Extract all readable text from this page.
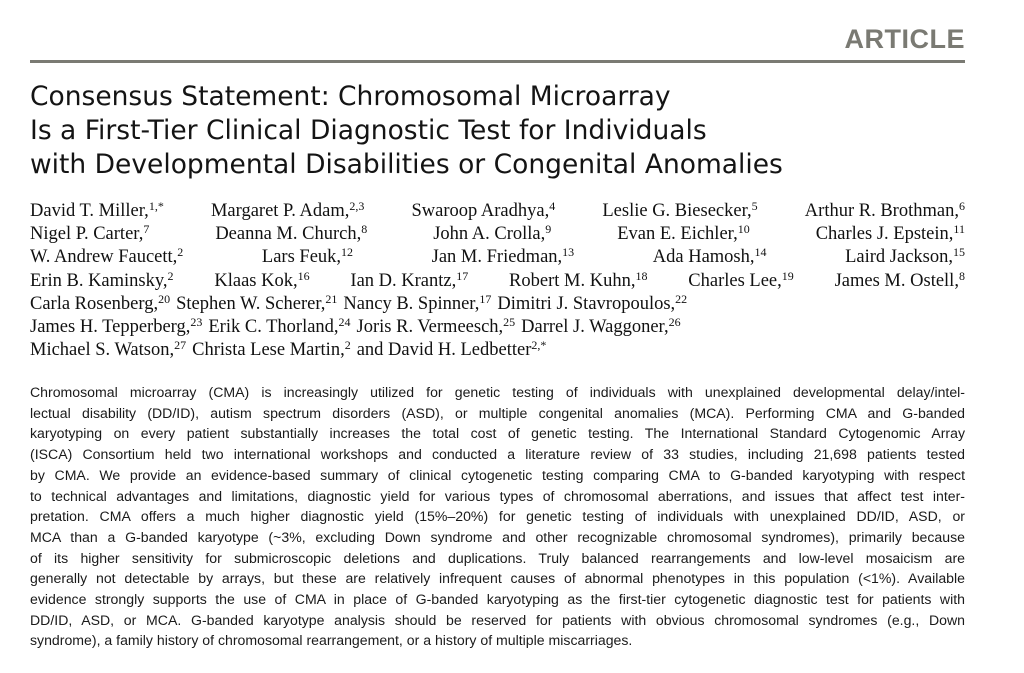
ARTICLE
Consensus Statement: Chromosomal Microarray
Is a First-Tier Clinical Diagnostic Test for Individuals
with Developmental Disabilities or Congenital Anomalies
David T. Miller,$^{1,*}$	Margaret P. Adam,$^{2,3}$	Swaroop Aradhya,$^4$	Leslie G. Biesecker,$^5$	Arthur R. Brothman,$^6$
Nigel P. Carter,$^7$	Deanna M. Church,$^8$	John A. Crolla,$^9$	Evan E. Eichler,$^{10}$	Charles J. Epstein,$^{11}$
W. Andrew Faucett,$^2$	Lars Feuk,$^{12}$	Jan M. Friedman,$^{13}$	Ada Hamosh,$^{14}$	Laird Jackson,$^{15}$
Erin B. Kaminsky,$^2$ Klaas Kok,$^{16}$ Ian D. Krantz,$^{17}$ Robert M. Kuhn,$^{18}$ Charles Lee,$^{19}$ James M. Ostell,$^8$
Carla Rosenberg,$^{20}$ Stephen W. Scherer,$^{21}$ Nancy B. Spinner,$^{17}$ Dimitri J. Stavropoulos,$^{22}$
James H. Tepperberg,$^{23}$ Erik C. Thorland,$^{24}$ Joris R. Vermeesch,$^{25}$ Darrel J. Waggoner,$^{26}$
Michael S. Watson,$^{27}$ Christa Lese Martin,$^2$ and David H. Ledbetter$^{2,*}$
Chromosomal microarray (CMA) is increasingly utilized for genetic testing of individuals with unexplained developmental delay/intel-
lectual disability (DD/ID), autism spectrum disorders (ASD), or multiple congenital anomalies (MCA). Performing CMA and G-banded
karyotyping on every patient substantially increases the total cost of genetic testing. The International Standard Cytogenomic Array
(ISCA) Consortium held two international workshops and conducted a literature review of 33 studies, including 21,698 patients tested
by CMA. We provide an evidence-based summary of clinical cytogenetic testing comparing CMA to G-banded karyotyping with respect
to technical advantages and limitations, diagnostic yield for various types of chromosomal aberrations, and issues that affect test inter-
pretation. CMA offers a much higher diagnostic yield (15%–20%) for genetic testing of individuals with unexplained DD/ID, ASD, or
MCA than a G-banded karyotype (~3%, excluding Down syndrome and other recognizable chromosomal syndromes), primarily because
of its higher sensitivity for submicroscopic deletions and duplications. Truly balanced rearrangements and low-level mosaicism are
generally not detectable by arrays, but these are relatively infrequent causes of abnormal phenotypes in this population (<1%). Available
evidence strongly supports the use of CMA in place of G-banded karyotyping as the first-tier cytogenetic diagnostic test for patients with
DD/ID, ASD, or MCA. G-banded karyotype analysis should be reserved for patients with obvious chromosomal syndromes (e.g., Down
syndrome), a family history of chromosomal rearrangement, or a history of multiple miscarriages.
